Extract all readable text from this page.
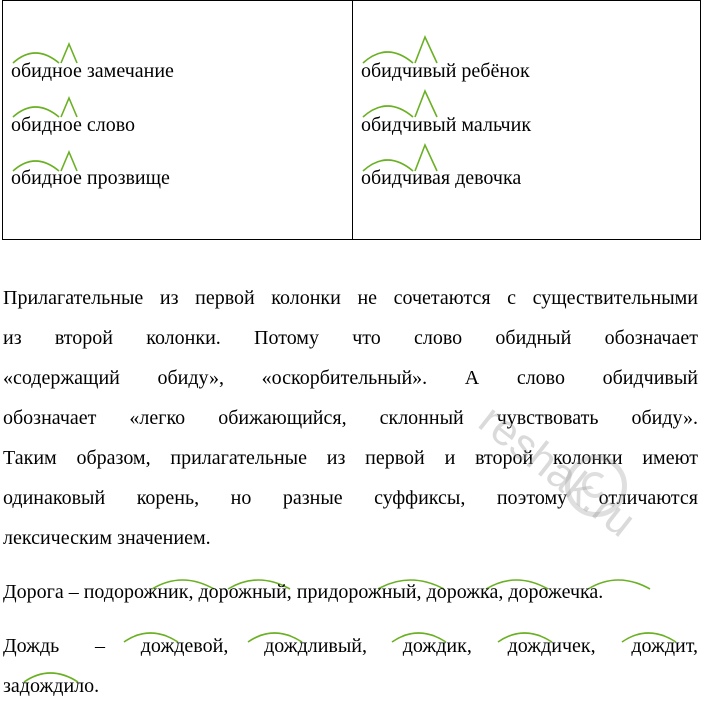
обидное замечание
обидное слово
обидное прозвище
обидчивый ребёнок
обидчивый мальчик
обидчивая девочка
Прилагательные из первой колонки не сочетаются с существительными
из второй колонки. Потому что слово обидный обозначает
«содержащий обиду», «оскорбительный». А слово обидчивый
обозначает «легко обижающийся, склонный чувствовать обиду».
Таким образом, прилагательные из первой и второй колонки имеют
одинаковый корень, но разные суффиксы, поэтому отличаются
лексическим значением.
Дорога – подорожник, дорожный, придорожный, дорожка, дорожечка.
Дождь – дождевой, дождливый, дождик, дождичек, дождит,
задождило.
reshak.ru
